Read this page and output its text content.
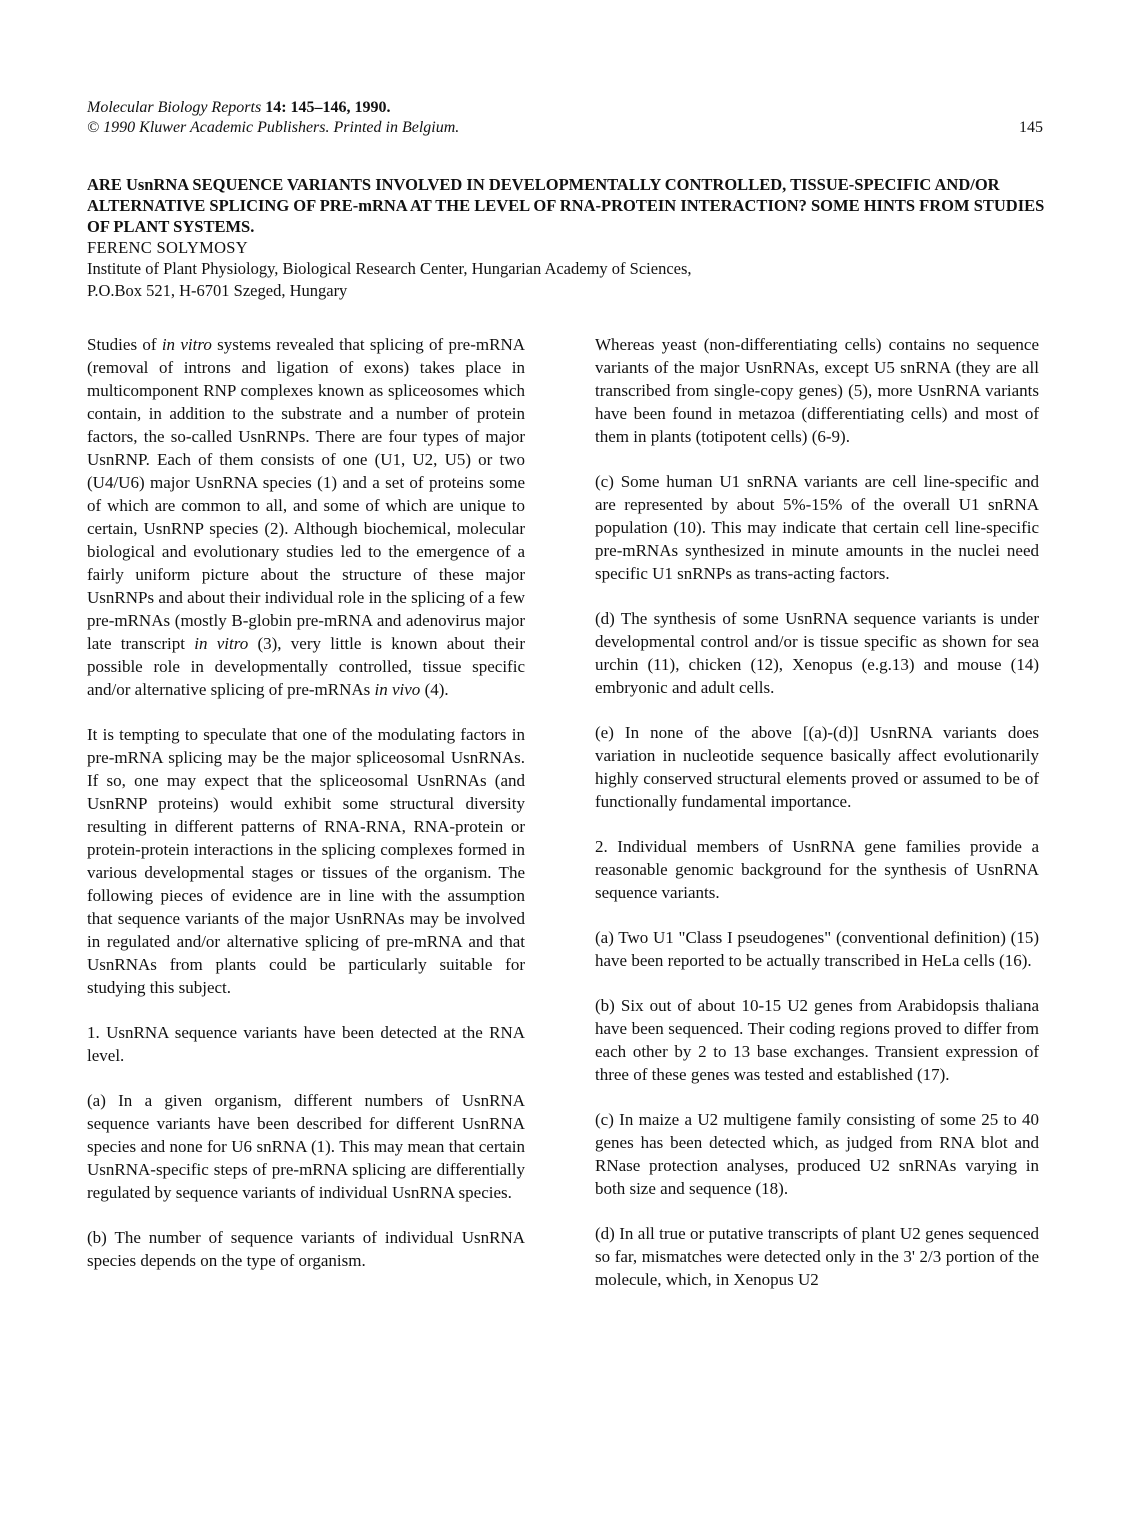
Molecular Biology Reports 14: 145–146, 1990.
© 1990 Kluwer Academic Publishers. Printed in Belgium.	145

ARE UsnRNA SEQUENCE VARIANTS INVOLVED IN DEVELOPMENTALLY CONTROLLED, TISSUE-SPECIFIC AND/OR ALTERNATIVE SPLICING OF PRE-mRNA AT THE LEVEL OF RNA-PROTEIN INTERACTION? SOME HINTS FROM STUDIES OF PLANT SYSTEMS.

FERENC SOLYMOSY

Institute of Plant Physiology, Biological Research Center, Hungarian Academy of Sciences,

P.O.Box 521, H-6701 Szeged, Hungary

Studies of in vitro systems revealed that splicing of pre-mRNA (removal of introns and ligation of exons) takes place in multicomponent RNP complexes known as spliceosomes which contain, in addition to the substrate and a number of protein factors, the so-called UsnRNPs. There are four types of major UsnRNP. Each of them consists of one (U1, U2, U5) or two (U4/U6) major UsnRNA species (1) and a set of proteins some of which are common to all, and some of which are unique to certain, UsnRNP species (2). Although biochemical, molecular biological and evolutionary studies led to the emergence of a fairly uniform picture about the structure of these major UsnRNPs and about their individual role in the splicing of a few pre-mRNAs (mostly B-globin pre-mRNA and adenovirus major late transcript in vitro (3), very little is known about their possible role in developmentally controlled, tissue specific and/or alternative splicing of pre-mRNAs in vivo (4).

It is tempting to speculate that one of the modulating factors in pre-mRNA splicing may be the major spliceosomal UsnRNAs. If so, one may expect that the spliceosomal UsnRNAs (and UsnRNP proteins) would exhibit some structural diversity resulting in different patterns of RNA-RNA, RNA-protein or protein-protein interactions in the splicing complexes formed in various developmental stages or tissues of the organism. The following pieces of evidence are in line with the assumption that sequence variants of the major UsnRNAs may be involved in regulated and/or alternative splicing of pre-mRNA and that UsnRNAs from plants could be particularly suitable for studying this subject.

1. UsnRNA sequence variants have been detected at the RNA level.

(a) In a given organism, different numbers of UsnRNA sequence variants have been described for different UsnRNA species and none for U6 snRNA (1). This may mean that certain UsnRNA-specific steps of pre-mRNA splicing are differentially regulated by sequence variants of individual UsnRNA species.

(b) The number of sequence variants of individual UsnRNA species depends on the type of organism.

Whereas yeast (non-differentiating cells) contains no sequence variants of the major UsnRNAs, except U5 snRNA (they are all transcribed from single-copy genes) (5), more UsnRNA variants have been found in metazoa (differentiating cells) and most of them in plants (totipotent cells) (6-9).

(c) Some human U1 snRNA variants are cell line-specific and are represented by about 5%-15% of the overall U1 snRNA population (10). This may indicate that certain cell line-specific pre-mRNAs synthesized in minute amounts in the nuclei need specific U1 snRNPs as trans-acting factors.

(d) The synthesis of some UsnRNA sequence variants is under developmental control and/or is tissue specific as shown for sea urchin (11), chicken (12), Xenopus (e.g.13) and mouse (14) embryonic and adult cells.

(e) In none of the above [(a)-(d)] UsnRNA variants does variation in nucleotide sequence basically affect evolutionarily highly conserved structural elements proved or assumed to be of functionally fundamental importance.

2. Individual members of UsnRNA gene families provide a reasonable genomic background for the synthesis of UsnRNA sequence variants.

(a) Two U1 "Class I pseudogenes" (conventional definition) (15) have been reported to be actually transcribed in HeLa cells (16).

(b) Six out of about 10-15 U2 genes from Arabidopsis thaliana have been sequenced. Their coding regions proved to differ from each other by 2 to 13 base exchanges. Transient expression of three of these genes was tested and established (17).

(c) In maize a U2 multigene family consisting of some 25 to 40 genes has been detected which, as judged from RNA blot and RNase protection analyses, produced U2 snRNAs varying in both size and sequence (18).

(d) In all true or putative transcripts of plant U2 genes sequenced so far, mismatches were detected only in the 3' 2/3 portion of the molecule, which, in Xenopus U2
